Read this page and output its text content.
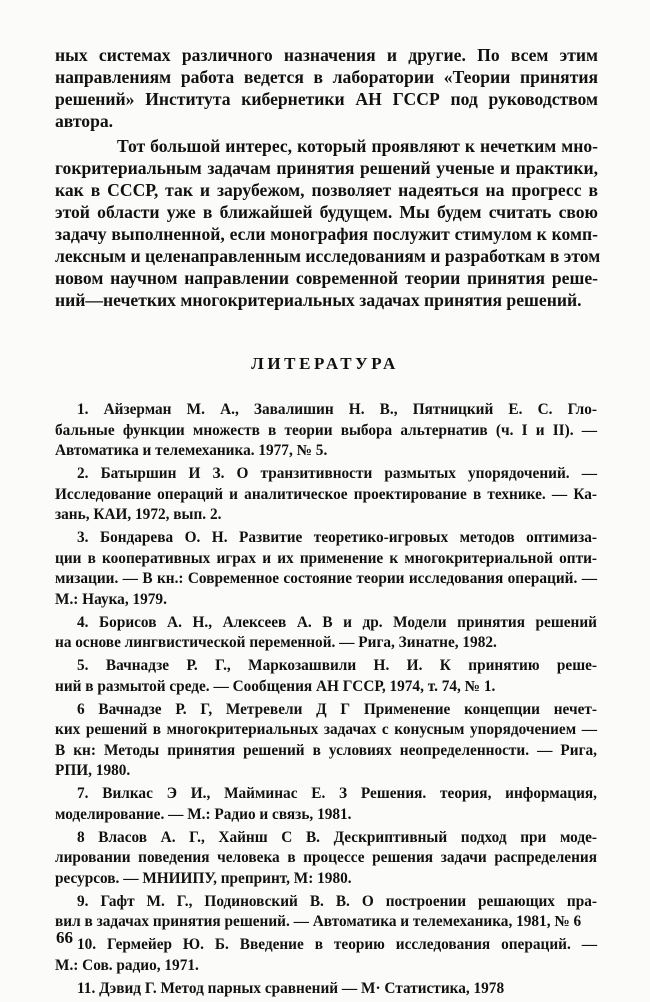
ных системах различного назначения и другие. По всем этим
направлениям работа ведется в лаборатории «Теории принятия
решений» Института кибернетики АН ГССР под руководством
автора.
Тот большой интерес, который проявляют к нечетким мно-
гокритериальным задачам принятия решений ученые и практики,
как в СССР, так и зарубежом, позволяет надеяться на прогресс в
этой области уже в ближайшей будущем. Мы будем считать свою
задачу выполненной, если монография послужит стимулом к комп-
лексным и целенаправленным исследованиям и разработкам в этом
новом научном направлении современной теории принятия реше-
ний—нечетких многокритериальных задачах принятия решений.
ЛИТЕРАТУРА
1. Айзерман М. А., Завалишин Н. В., Пятницкий Е. С. Гло-
бальные функции множеств в теории выбора альтернатив (ч. I и II). —
Автоматика и телемеханика. 1977, № 5.
2. Батыршин И З. О транзитивности размытых упорядочений. —
Исследование операций и аналитическое проектирование в технике. — Ка-
зань, КАИ, 1972, вып. 2.
3. Бондарева О. Н. Развитие теоретико-игровых методов оптимиза-
ции в кооперативных играх и их применение к многокритериальной опти-
мизации. — В кн.: Современное состояние теории исследования операций. —
М.: Наука, 1979.
4. Борисов А. Н., Алексеев А. В и др. Модели принятия решений
на основе лингвистической переменной. — Рига, Зинатне, 1982.
5. Вачнадзе Р. Г., Маркозашвили Н. И. К принятию реше-
ний в размытой среде. — Сообщения АН ГССР, 1974, т. 74, № 1.
6 Вачнадзе Р. Г, Метревели Д Г Применение концепции нечет-
ких решений в многокритериальных задачах с конусным упорядочением —
В кн: Методы принятия решений в условиях неопределенности. — Рига,
РПИ, 1980.
7. Вилкас Э И., Майминас Е. З Решения. теория, информация,
моделирование. — М.: Радио и связь, 1981.
8 Власов А. Г., Хайнш С В. Дескриптивный подход при моде-
лировании поведения человека в процессе решения задачи распределения
ресурсов. — МНИИПУ, препринт, М: 1980.
9. Гафт М. Г., Подиновский В. В. О построении решающих пра-
вил в задачах принятия решений. — Автоматика и телемеханика, 1981, № 6
10. Гермейер Ю. Б. Введение в теорию исследования операций. —
М.: Сов. радио, 1971.
11. Дэвид Г. Метод парных сравнений — М· Статистика, 1978
66
